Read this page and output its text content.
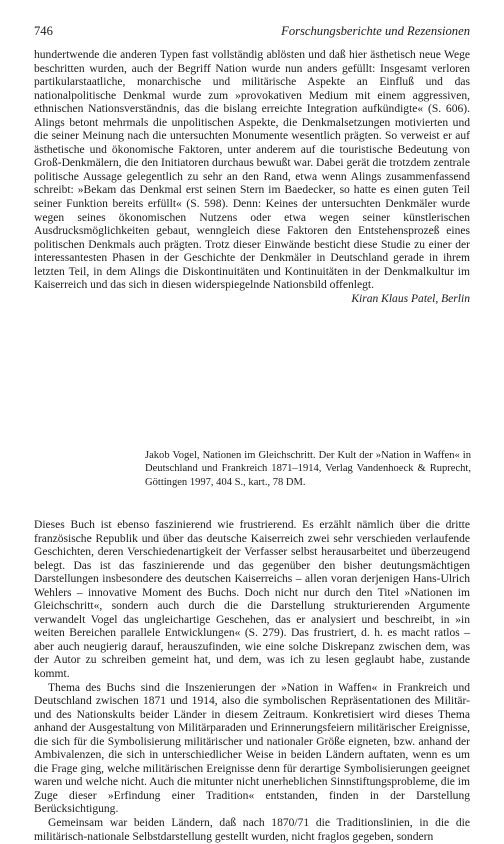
746	Forschungsberichte und Rezensionen

hundertwende die anderen Typen fast vollständig ablösten und daß hier ästhetisch neue Wege beschritten wurden, auch der Begriff Nation wurde nun anders gefüllt: Insgesamt verloren partikularstaatliche, monarchische und militärische Aspekte an Einfluß und das nationalpolitische Denkmal wurde zum »provokativen Medium mit einem aggressiven, ethnischen Nationsverständnis, das die bislang erreichte Integration aufkündigte« (S. 606). Alings betont mehrmals die unpolitischen Aspekte, die Denkmalsetzungen motivierten und die seiner Meinung nach die untersuchten Monumente wesentlich prägten. So verweist er auf ästhetische und ökonomische Faktoren, unter anderem auf die touristische Bedeutung von Groß-Denkmälern, die den Initiatoren durchaus bewußt war. Dabei gerät die trotzdem zentrale politische Aussage gelegentlich zu sehr an den Rand, etwa wenn Alings zusammenfassend schreibt: »Bekam das Denkmal erst seinen Stern im Baedecker, so hatte es einen guten Teil seiner Funktion bereits erfüllt« (S. 598). Denn: Keines der untersuchten Denkmäler wurde wegen seines ökonomischen Nutzens oder etwa wegen seiner künstlerischen Ausdrucksmöglichkeiten gebaut, wenngleich diese Faktoren den Entstehensprozeß eines politischen Denkmals auch prägten. Trotz dieser Einwände besticht diese Studie zu einer der interessantesten Phasen in der Geschichte der Denkmäler in Deutschland gerade in ihrem letzten Teil, in dem Alings die Diskontinuitäten und Kontinuitäten in der Denkmalkultur im Kaiserreich und das sich in diesen widerspiegelnde Nationsbild offenlegt.
Kiran Klaus Patel, Berlin

Jakob Vogel, Nationen im Gleichschritt. Der Kult der »Nation in Waffen« in Deutschland und Frankreich 1871–1914, Verlag Vandenhoeck & Ruprecht, Göttingen 1997, 404 S., kart., 78 DM.

Dieses Buch ist ebenso faszinierend wie frustrierend. Es erzählt nämlich über die dritte französische Republik und über das deutsche Kaiserreich zwei sehr verschieden verlaufende Geschichten, deren Verschiedenartigkeit der Verfasser selbst herausarbeitet und überzeugend belegt. Das ist das faszinierende und das gegenüber den bisher deutungsmächtigen Darstellungen insbesondere des deutschen Kaiserreichs – allen voran derjenigen Hans-Ulrich Wehlers – innovative Moment des Buchs. Doch nicht nur durch den Titel »Nationen im Gleichschritt«, sondern auch durch die die Darstellung strukturierenden Argumente verwandelt Vogel das ungleichartige Geschehen, das er analysiert und beschreibt, in »in weiten Bereichen parallele Entwicklungen« (S. 279). Das frustriert, d. h. es macht ratlos – aber auch neugierig darauf, herauszufinden, wie eine solche Diskrepanz zwischen dem, was der Autor zu schreiben gemeint hat, und dem, was ich zu lesen geglaubt habe, zustande kommt.

Thema des Buchs sind die Inszenierungen der »Nation in Waffen« in Frankreich und Deutschland zwischen 1871 und 1914, also die symbolischen Repräsentationen des Militär- und des Nationskults beider Länder in diesem Zeitraum. Konkretisiert wird dieses Thema anhand der Ausgestaltung von Militärparaden und Erinnerungsfeiern militärischer Ereignisse, die sich für die Symbolisierung militärischer und nationaler Größe eigneten, bzw. anhand der Ambivalenzen, die sich in unterschiedlicher Weise in beiden Ländern auftaten, wenn es um die Frage ging, welche militärischen Ereignisse denn für derartige Symbolisierungen geeignet waren und welche nicht. Auch die mitunter nicht unerheblichen Sinnstiftungsprobleme, die im Zuge dieser »Erfindung einer Tradition« entstanden, finden in der Darstellung Berücksichtigung.

Gemeinsam war beiden Ländern, daß nach 1870/71 die Traditionslinien, in die die militärisch-nationale Selbstdarstellung gestellt wurden, nicht fraglos gegeben, sondern
